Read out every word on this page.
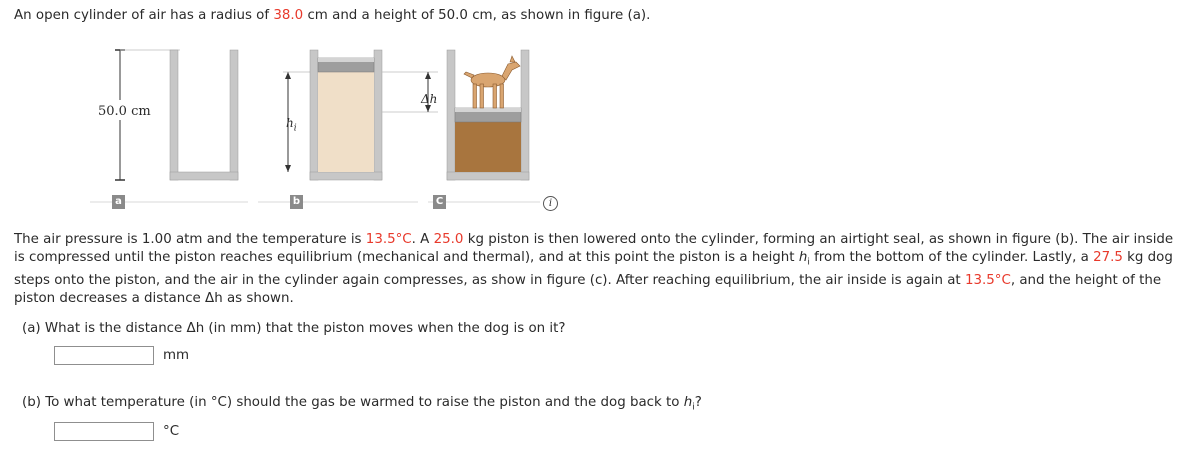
An open cylinder of air has a radius of 38.0 cm and a height of 50.0 cm, as shown in figure (a).
50.0 cm
$h_i$
Δh
a	b	C	i
The air pressure is 1.00 atm and the temperature is 13.5°C. A 25.0 kg piston is then lowered onto the cylinder, forming an airtight seal, as shown in figure (b). The air inside is compressed until the piston reaches equilibrium (mechanical and thermal), and at this point the piston is a height $h_i$ from the bottom of the cylinder. Lastly, a 27.5 kg dog steps onto the piston, and the air in the cylinder again compresses, as show in figure (c). After reaching equilibrium, the air inside is again at 13.5°C, and the height of the piston decreases a distance Δh as shown.
(a) What is the distance Δh (in mm) that the piston moves when the dog is on it?
mm
(b) To what temperature (in °C) should the gas be warmed to raise the piston and the dog back to $h_i$?
°C
